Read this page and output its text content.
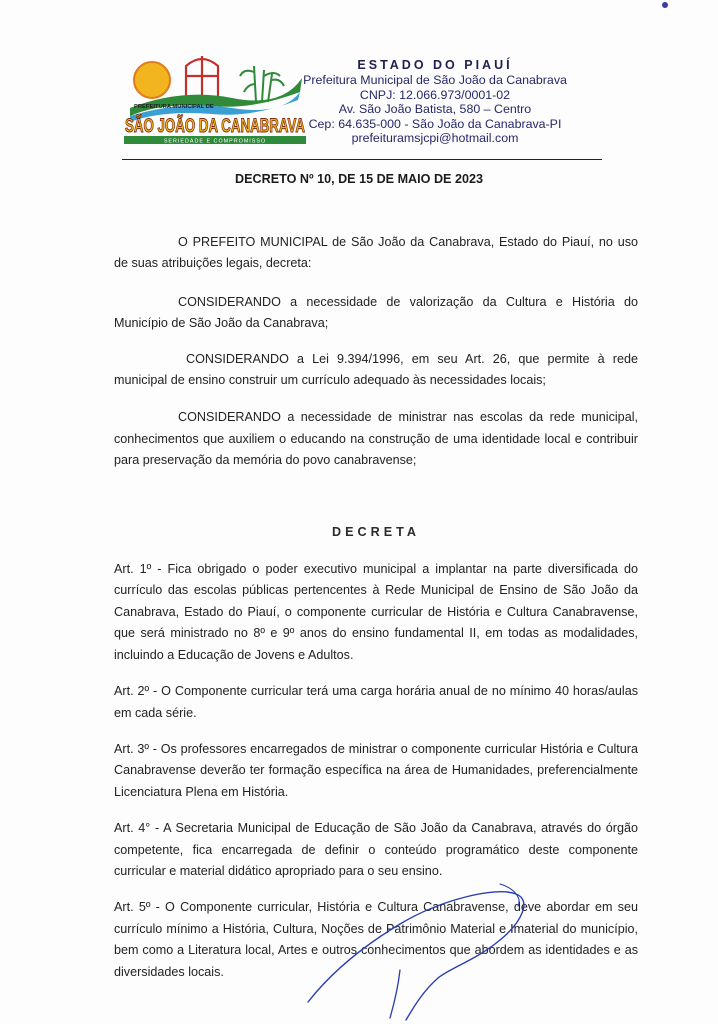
PREFEITURA MUNICIPAL DE
SÃO JOÃO DA CANABRAVA
SERIEDADE E COMPROMISSO
ESTADO DO PIAUÍ
Prefeitura Municipal de São João da Canabrava
CNPJ: 12.066.973/0001-02
Av. São João Batista, 580 – Centro
Cep: 64.635-000 - São João da Canabrava-PI
prefeituramsjcpi@hotmail.com
DECRETO Nº 10, DE 15 DE MAIO DE 2023

O PREFEITO MUNICIPAL de São João da Canabrava, Estado do Piauí, no uso de suas atribuições legais, decreta:

CONSIDERANDO a necessidade de valorização da Cultura e História do Município de São João da Canabrava;

CONSIDERANDO a Lei 9.394/1996, em seu Art. 26, que permite à rede municipal de ensino construir um currículo adequado às necessidades locais;

CONSIDERANDO a necessidade de ministrar nas escolas da rede municipal, conhecimentos que auxiliem o educando na construção de uma identidade local e contribuir para preservação da memória do povo canabravense;

DECRETA

Art. 1º - Fica obrigado o poder executivo municipal a implantar na parte diversificada do currículo das escolas públicas pertencentes à Rede Municipal de Ensino de São João da Canabrava, Estado do Piauí, o componente curricular de História e Cultura Canabravense, que será ministrado no 8º e 9º anos do ensino fundamental II, em todas as modalidades, incluindo a Educação de Jovens e Adultos.

Art. 2º - O Componente curricular terá uma carga horária anual de no mínimo 40 horas/aulas em cada série.

Art. 3º - Os professores encarregados de ministrar o componente curricular História e Cultura Canabravense deverão ter formação específica na área de Humanidades, preferencialmente Licenciatura Plena em História.

Art. 4° - A Secretaria Municipal de Educação de São João da Canabrava, através do órgão competente, fica encarregada de definir o conteúdo programático deste componente curricular e material didático apropriado para o seu ensino.

Art. 5º - O Componente curricular, História e Cultura Canabravense, deve abordar em seu currículo mínimo a História, Cultura, Noções de Patrimônio Material e Imaterial do município, bem como a Literatura local, Artes e outros conhecimentos que abordem as identidades e as diversidades locais.
